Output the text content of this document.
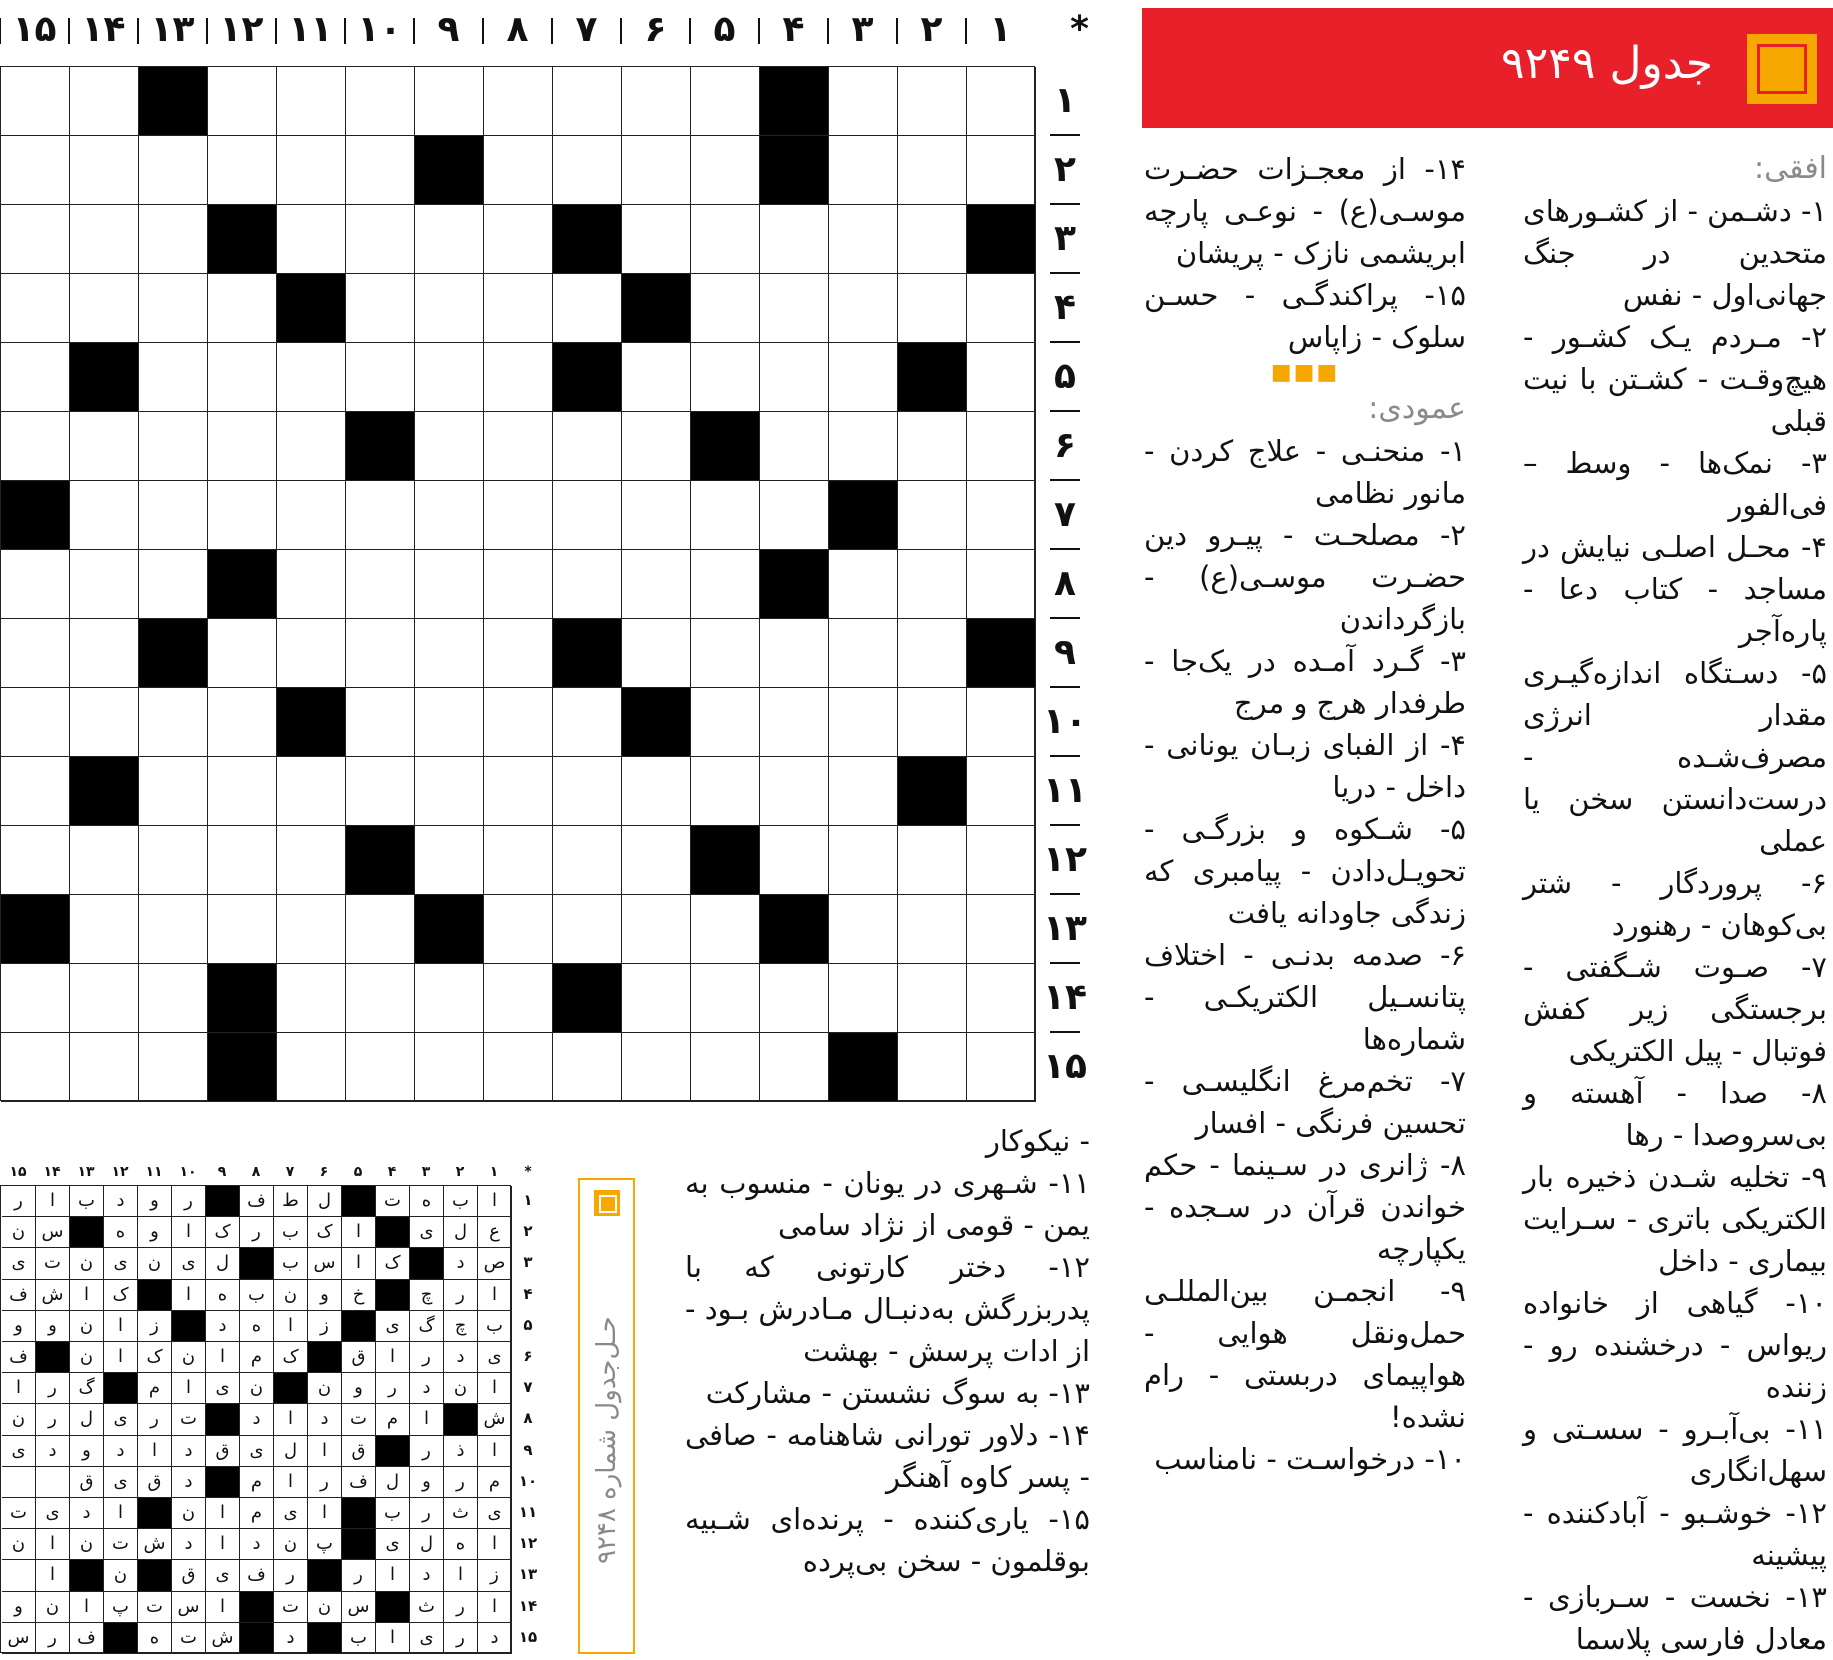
جدول ۹۲۴۹
افقی:

۱- دشـمن - از کشـورهای متحدین در جنگ جهانی‌اول - نفس

۲- مـردم یـک کشـور - هیچ‌وقـت - کشـتن با نیت قبلی

۳- نمک‌ها - وسط – فی‌الفور

۴- محـل اصلـی نیایش در مساجد - کتاب دعا - پاره‌آجر

۵- دسـتگاه اندازه‌گیـری مقدار انرژی مصرف‌شـده - درست‌دانستن سخن یا عملی

۶- پروردگار - شتر بی‌کوهان - رهنورد

۷- صـوت شـگفتی - برجستگی زیر کفش فوتبال - پیل الکتریکی

۸- صدا - آهسته و بی‌سروصدا - رها

۹- تخلیه شـدن ذخیره بار الکتریکی باتری - سـرایت بیماری - داخل

۱۰- گیاهی از خانواده ریواس - درخشنده رو - زننده

۱۱- بی‌آبـرو - سسـتی و سهل‌انگاری

۱۲- خوشـبو - آبادکننده - پیشینه

۱۳- نخست - سـربازی - معادل فارسی پلاسما

۱۴- از معجـزات حضـرت موسـی(ع) - نوعـی پارچه ابریشمی نازک - پریشان

۱۵- پراکندگـی - حسـن سلوک - زاپاس

■■■
عمودی:

۱- منحنـی - علاج کردن - مانور نظامی

۲- مصلحـت - پیـرو دین حضـرت موسـی(ع) - بازگرداندن

۳- گـرد آمـده در یک‌جا - طرفدار هرج و مرج

۴- از الفبای زبـان یونانی - داخل - دریا

۵- شـکوه و بزرگـی - تحویـل‌دادن - پیامبری که زندگی جاودانه یافت

۶- صدمه بدنـی - اختلاف پتانسـیل الکتریکـی - شماره‌ها

۷- تخم‌مرغ انگلیسـی - تحسین فرنگی - افسار

۸- ژانری در سـینما - حکم خواندن قرآن در سـجده - یکپارچه

۹- انجمـن بین‌المللـی حمل‌ونقل هوایی - هواپیمای دربستی - رام نشده!

۱۰- درخواسـت - نامناسب

- نیکوکار

۱۱- شـهری در یونان - منسوب به یمن - قومی از نژاد سامی

۱۲- دختر کارتونی که با پدربزرگش به‌دنبـال مـادرش بـود - از ادات پرسش - بهشت

۱۳- به سوگ نشستن - مشارکت

۱۴- دلاور تورانی شاهنامه - صافی - پسر کاوه آهنگر

۱۵- یاری‌کننده - پرنده‌ای شـبیه بوقلمون - سخن بی‌پرده

*
۱
۲
۳
۴
۵
۶
۷
۸
۹
۱۰
۱۱
۱۲
۱۳
۱۴
۱۵
۱
۲
۳
۴
۵
۶
۷
۸
۹
۱۰
۱۱
۱۲
۱۳
۱۴
۱۵
*
۱
۲
۳
۴
۵
۶
۷
۸
۹
۱۰
۱۱
۱۲
۱۳
۱۴
۱۵
ا
ب
ه
ت
ل
ط
ف
ر
و
د
ب
ا
ر
ع
ل
ی
ا
ک
ب
ر
ک
ا
و
ه
س
ن
ص
د
ک
ا
س
ب
ل
ی
ن
ی
ن
ت
ی
ا
ر
چ
خ
و
ن
ب
ه
ا
ک
ا
ش
ف
ب
چ
گ
ی
ز
ا
ه
د
ز
ا
ن
و
و
ی
د
ر
ا
ق
ک
م
ا
ن
ک
ا
ن
ف
ا
ن
د
ر
و
ن
ن
ی
ا
م
گ
ر
ا
ش
ا
م
ت
د
ا
د
ت
ر
ی
ل
ر
ن
ا
ذ
ر
ق
ا
ل
ی
ق
د
ا
د
و
د
ی
م
ر
و
ل
ف
ر
ا
م
د
ق
ی
ق
ی
ث
ر
ب
ا
ی
م
ا
ن
ا
د
ی
ت
ا
ه
ل
ی
پ
ن
د
ا
د
ش
ت
ن
ا
ن
ز
ا
د
ا
ر
ر
ف
ی
ق
ن
ا
ا
ر
ث
س
ن
ت
ا
س
ت
پ
ا
ن
و
د
ر
ی
ا
ب
د
ش
ت
ه
ف
ر
س
۱
۲
۳
۴
۵
۶
۷
۸
۹
۱۰
۱۱
۱۲
۱۳
۱۴
۱۵
حـل‌جدول شماره ۹۲۴۸
